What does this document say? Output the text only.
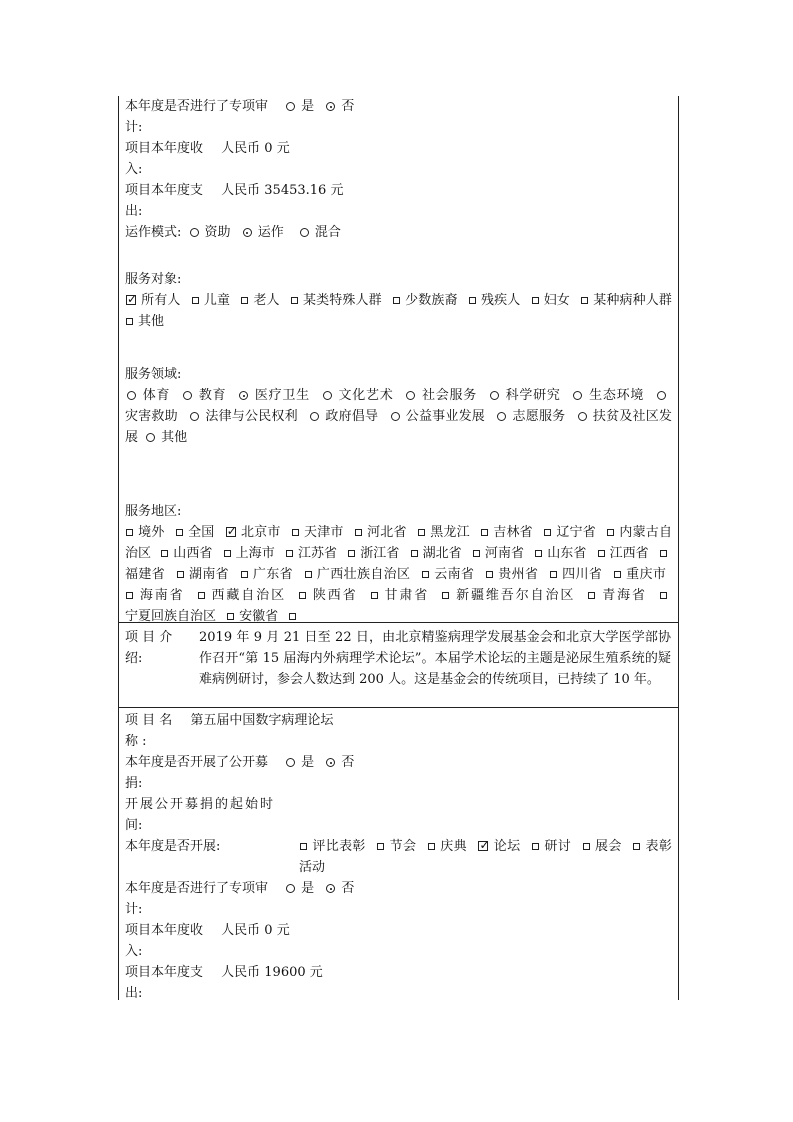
本年度是否进行了专项审	是 否
计:
项目本年度收 人民币 0 元
入:
项目本年度支 人民币 35453.16 元
出:
运作模式: 资助 运作 混合
服务对象:
✓所有人 儿童 老人 某类特殊人群 少数族裔 残疾人 妇女 某种病种人群 其他
服务领域:
体育 教育 医疗卫生 文化艺术 社会服务 科学研究 生态环境 灾害救助 法律与公民权利 政府倡导 公益事业发展 志愿服务 扶贫及社区发展 其他
服务地区:
境外 全国 ✓ 北京市 天津市 河北省 黑龙江 吉林省 辽宁省 内蒙古自治区 山西省 上海市 江苏省 浙江省 湖北省 河南省 山东省 江西省 福建省 湖南省 广东省 广西壮族自治区 云南省 贵州省 四川省 重庆市 海南省 西藏自治区 陕西省 甘肃省 新疆维吾尔自治区 青海省 宁夏回族自治区 安徽省
项 目 介
绍:
2019 年 9 月 21 日至 22 日，由北京精鉴病理学发展基金会和北京大学医学部协作召开“第 15 届海内外病理学术论坛”。本届学术论坛的主题是泌尿生殖系统的疑难病例研讨，参会人数达到 200 人。这是基金会的传统项目，已持续了 10 年。
项 目 名 第五届中国数字病理论坛
称 :
本年度是否开展了公开募	是 否
捐:
开展公开募捐的起始时
间:
本年度是否开展:	评比表彰 节会 庆典 ✓ 论坛 研讨 展会 表彰活动
本年度是否进行了专项审	是 否
计:
项目本年度收 人民币 0 元
入:
项目本年度支 人民币 19600 元
出:
